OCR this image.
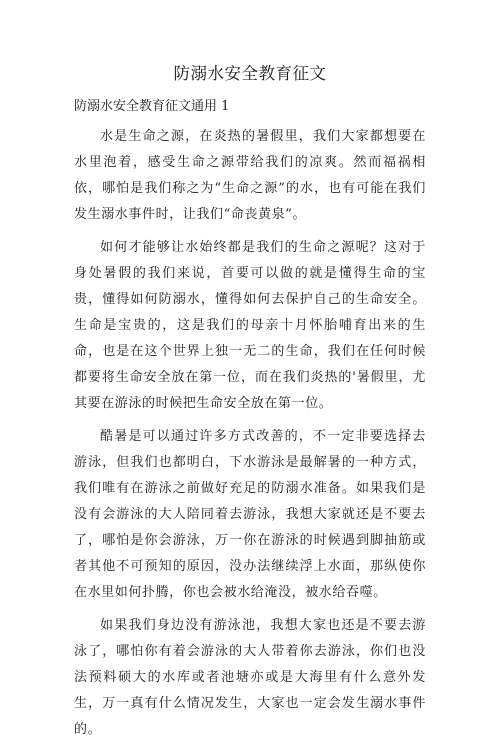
防溺水安全教育征文
防溺水安全教育征文通用 1

水是生命之源，在炎热的暑假里，我们大家都想要在水里泡着，感受生命之源带给我们的凉爽。然而福祸相依，哪怕是我们称之为“生命之源”的水，也有可能在我们发生溺水事件时，让我们“命丧黄泉”。

如何才能够让水始终都是我们的生命之源呢？这对于身处暑假的我们来说，首要可以做的就是懂得生命的宝贵，懂得如何防溺水，懂得如何去保护自己的生命安全。生命是宝贵的，这是我们的母亲十月怀胎哺育出来的生命，也是在这个世界上独一无二的生命，我们在任何时候都要将生命安全放在第一位，而在我们炎热的'暑假里，尤其要在游泳的时候把生命安全放在第一位。

酷暑是可以通过许多方式改善的，不一定非要选择去游泳，但我们也都明白，下水游泳是最解暑的一种方式，我们唯有在游泳之前做好充足的防溺水准备。如果我们是没有会游泳的大人陪同着去游泳，我想大家就还是不要去了，哪怕是你会游泳，万一你在游泳的时候遇到脚抽筋或者其他不可预知的原因，没办法继续浮上水面，那纵使你在水里如何扑腾，你也会被水给淹没，被水给吞噬。

如果我们身边没有游泳池，我想大家也还是不要去游泳了，哪怕你有着会游泳的大人带着你去游泳，你们也没法预料硕大的水库或者池塘亦或是大海里有什么意外发生，万一真有什么情况发生，大家也一定会发生溺水事件的。
